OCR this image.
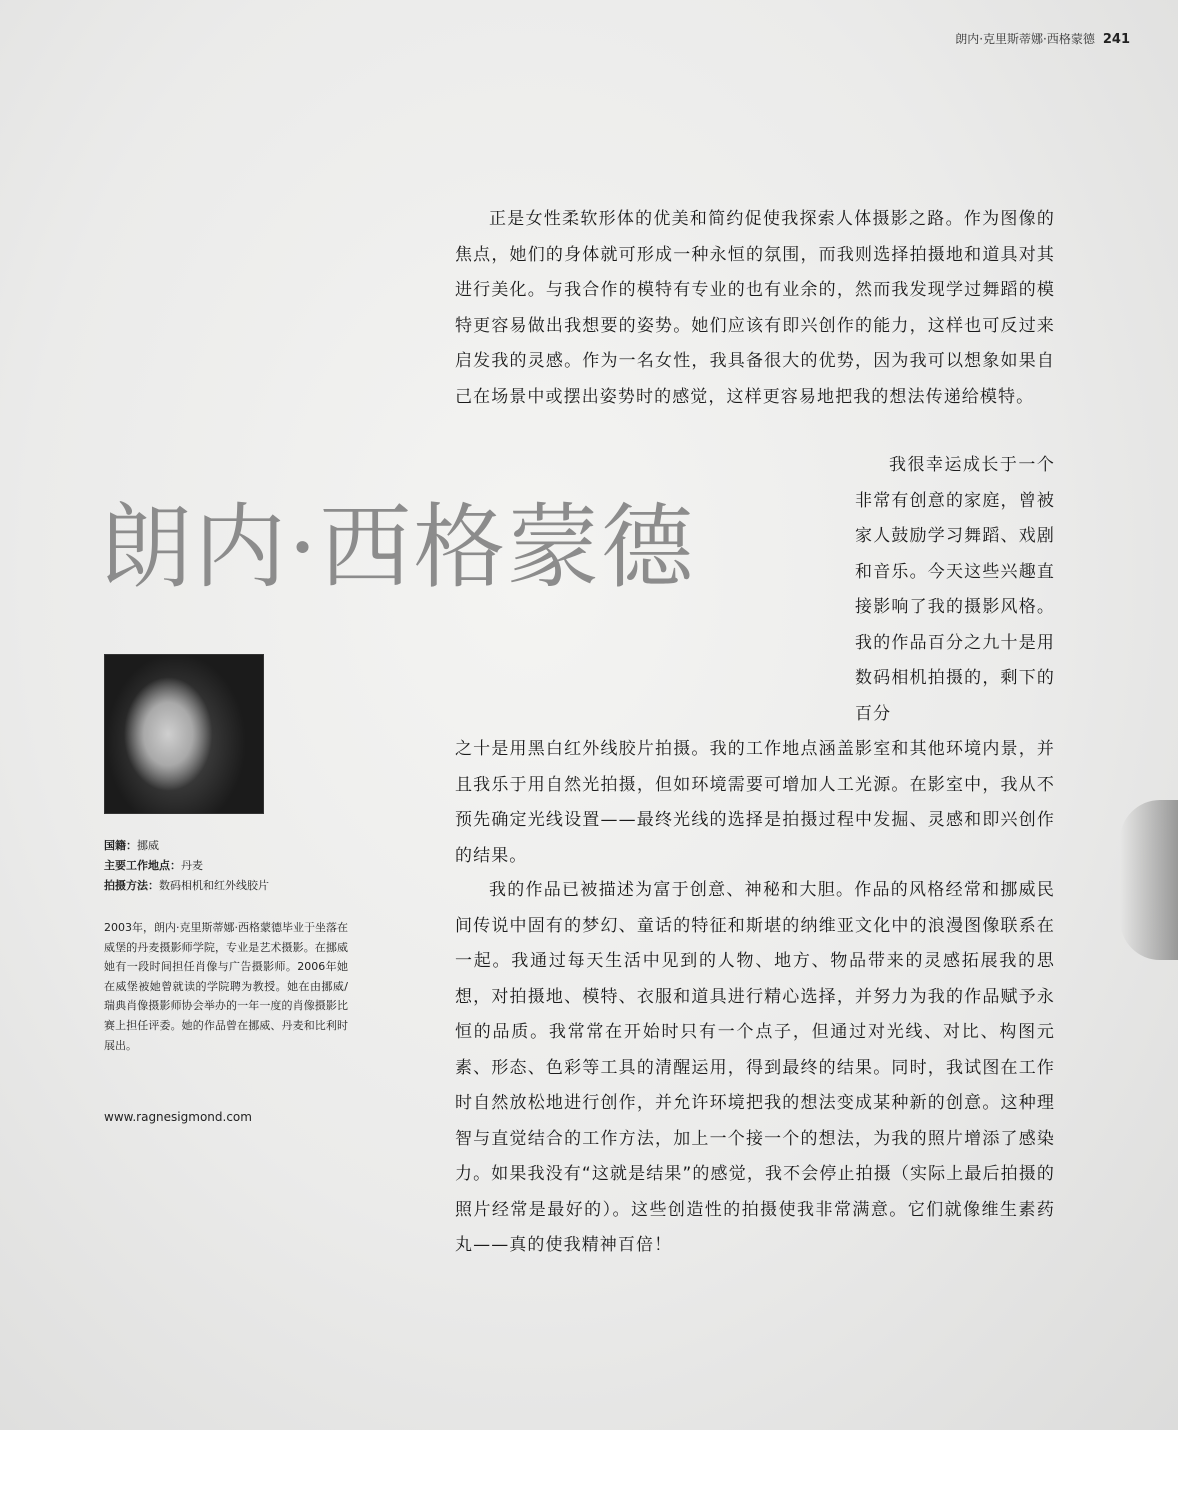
朗内·克里斯蒂娜·西格蒙德 241
正是女性柔软形体的优美和简约促使我探索人体摄影之路。作为图像的焦点，她们的身体就可形成一种永恒的氛围，而我则选择拍摄地和道具对其进行美化。与我合作的模特有专业的也有业余的，然而我发现学过舞蹈的模特更容易做出我想要的姿势。她们应该有即兴创作的能力，这样也可反过来启发我的灵感。作为一名女性，我具备很大的优势，因为我可以想象如果自己在场景中或摆出姿势时的感觉，这样更容易地把我的想法传递给模特。
朗内·西格蒙德
我很幸运成长于一个非常有创意的家庭，曾被家人鼓励学习舞蹈、戏剧和音乐。今天这些兴趣直接影响了我的摄影风格。我的作品百分之九十是用数码相机拍摄的，剩下的百分
之十是用黑白红外线胶片拍摄。我的工作地点涵盖影室和其他环境内景，并且我乐于用自然光拍摄，但如环境需要可增加人工光源。在影室中，我从不预先确定光线设置——最终光线的选择是拍摄过程中发掘、灵感和即兴创作的结果。
我的作品已被描述为富于创意、神秘和大胆。作品的风格经常和挪威民间传说中固有的梦幻、童话的特征和斯堪的纳维亚文化中的浪漫图像联系在一起。我通过每天生活中见到的人物、地方、物品带来的灵感拓展我的思想，对拍摄地、模特、衣服和道具进行精心选择，并努力为我的作品赋予永恒的品质。我常常在开始时只有一个点子，但通过对光线、对比、构图元素、形态、色彩等工具的清醒运用，得到最终的结果。同时，我试图在工作时自然放松地进行创作，并允许环境把我的想法变成某种新的创意。这种理智与直觉结合的工作方法，加上一个接一个的想法，为我的照片增添了感染力。如果我没有“这就是结果”的感觉，我不会停止拍摄（实际上最后拍摄的照片经常是最好的）。这些创造性的拍摄使我非常满意。它们就像维生素药丸——真的使我精神百倍！
国籍：挪威
主要工作地点：丹麦
拍摄方法：数码相机和红外线胶片
2003年，朗内·克里斯蒂娜·西格蒙德毕业于坐落在威堡的丹麦摄影师学院，专业是艺术摄影。在挪威她有一段时间担任肖像与广告摄影师。2006年她在威堡被她曾就读的学院聘为教授。她在由挪威/瑞典肖像摄影师协会举办的一年一度的肖像摄影比赛上担任评委。她的作品曾在挪威、丹麦和比利时展出。
www.ragnesigmond.com
